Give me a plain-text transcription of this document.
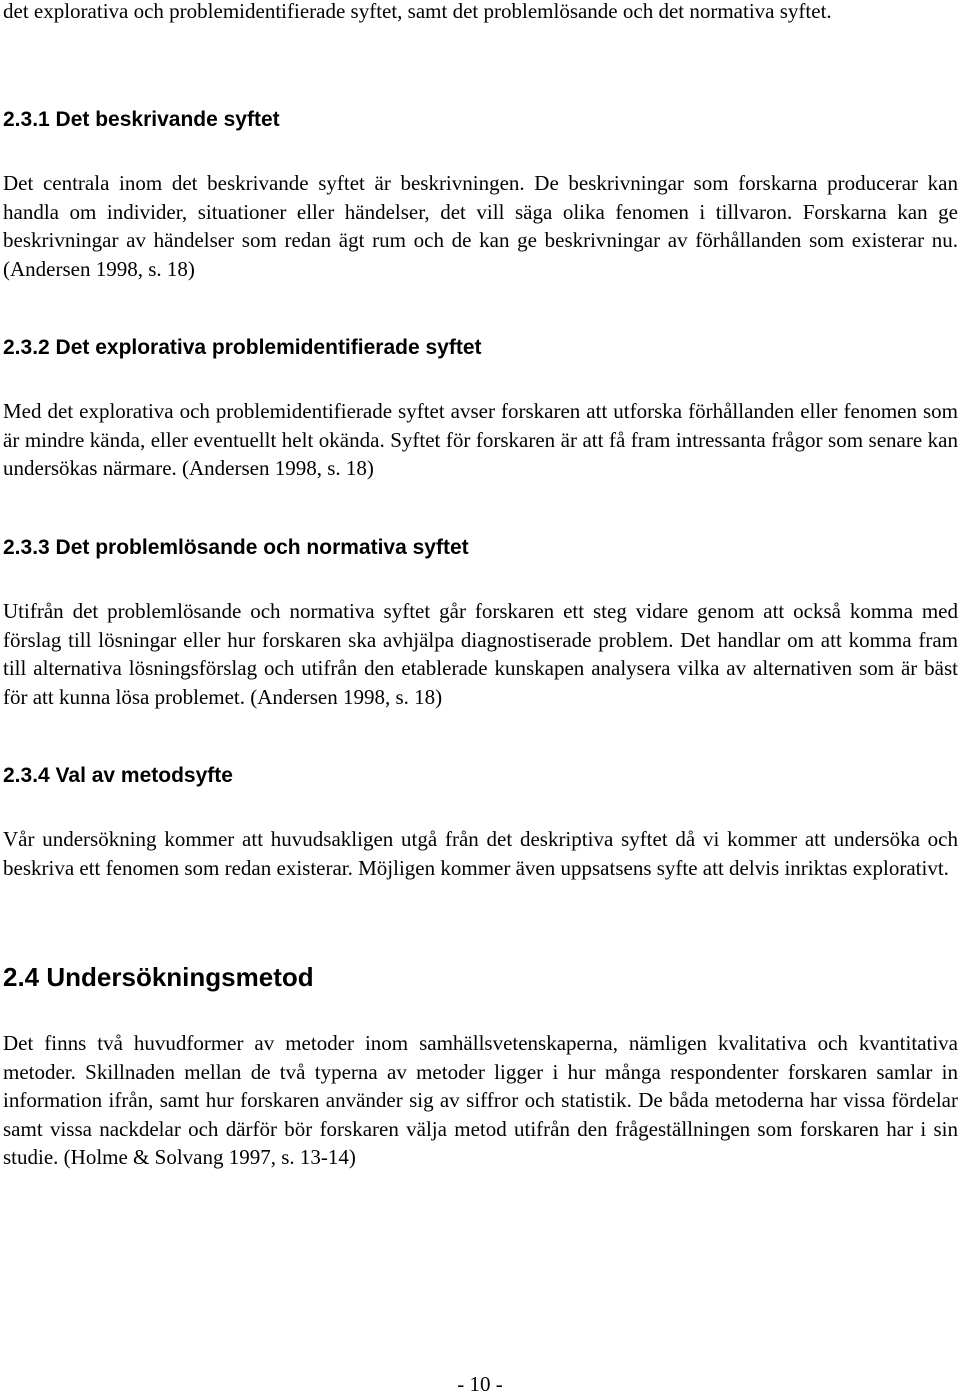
det explorativa och problemidentifierade syftet, samt det problemlösande och det normativa syftet.

2.3.1 Det beskrivande syftet

Det centrala inom det beskrivande syftet är beskrivningen. De beskrivningar som forskarna producerar kan handla om individer, situationer eller händelser, det vill säga olika fenomen i tillvaron. Forskarna kan ge beskrivningar av händelser som redan ägt rum och de kan ge beskrivningar av förhållanden som existerar nu. (Andersen 1998, s. 18)

2.3.2 Det explorativa problemidentifierade syftet

Med det explorativa och problemidentifierade syftet avser forskaren att utforska förhållanden eller fenomen som är mindre kända, eller eventuellt helt okända. Syftet för forskaren är att få fram intressanta frågor som senare kan undersökas närmare. (Andersen 1998, s. 18)

2.3.3 Det problemlösande och normativa syftet

Utifrån det problemlösande och normativa syftet går forskaren ett steg vidare genom att också komma med förslag till lösningar eller hur forskaren ska avhjälpa diagnostiserade problem. Det handlar om att komma fram till alternativa lösningsförslag och utifrån den etablerade kunskapen analysera vilka av alternativen som är bäst för att kunna lösa problemet. (Andersen 1998, s. 18)

2.3.4 Val av metodsyfte

Vår undersökning kommer att huvudsakligen utgå från det deskriptiva syftet då vi kommer att undersöka och beskriva ett fenomen som redan existerar. Möjligen kommer även uppsatsens syfte att delvis inriktas explorativt.

2.4 Undersökningsmetod

Det finns två huvudformer av metoder inom samhällsvetenskaperna, nämligen kvalitativa och kvantitativa metoder. Skillnaden mellan de två typerna av metoder ligger i hur många respondenter forskaren samlar in information ifrån, samt hur forskaren använder sig av siffror och statistik. De båda metoderna har vissa fördelar samt vissa nackdelar och därför bör forskaren välja metod utifrån den frågeställningen som forskaren har i sin studie. (Holme & Solvang 1997, s. 13-14)

- 10 -
